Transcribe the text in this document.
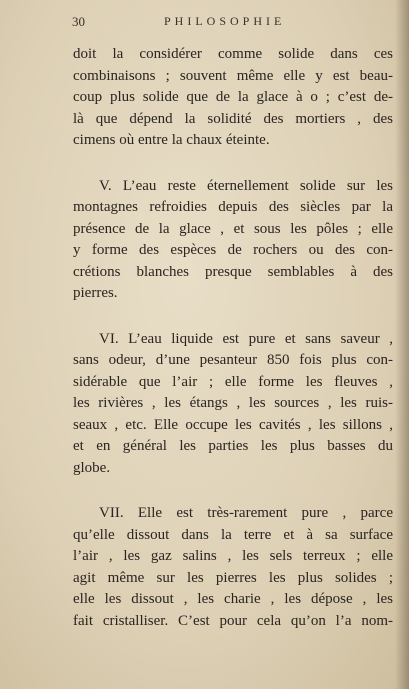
30	PHILOSOPHIE
doit la considérer comme solide dans ces
combinaisons ; souvent même elle y est beau-
coup plus solide que de la glace à o ; c’est de-
là que dépend la solidité des mortiers , des
cimens où entre la chaux éteinte.
V. L’eau reste éternellement solide sur les
montagnes refroidies depuis des siècles par la
présence de la glace , et sous les pôles ; elle
y forme des espèces de rochers ou des con-
crétions blanches presque semblables à des
pierres.
VI. L’eau liquide est pure et sans saveur ,
sans odeur, d’une pesanteur 850 fois plus con-
sidérable que l’air ; elle forme les fleuves ,
les rivières , les étangs , les sources , les ruis-
seaux , etc. Elle occupe les cavités , les sillons ,
et en général les parties les plus basses du
globe.
VII. Elle est très-rarement pure , parce
qu’elle dissout dans la terre et à sa surface
l’air , les gaz salins , les sels terreux ; elle
agit même sur les pierres les plus solides ;
elle les dissout , les charie , les dépose , les
fait cristalliser. C’est pour cela qu’on l’a nom-
